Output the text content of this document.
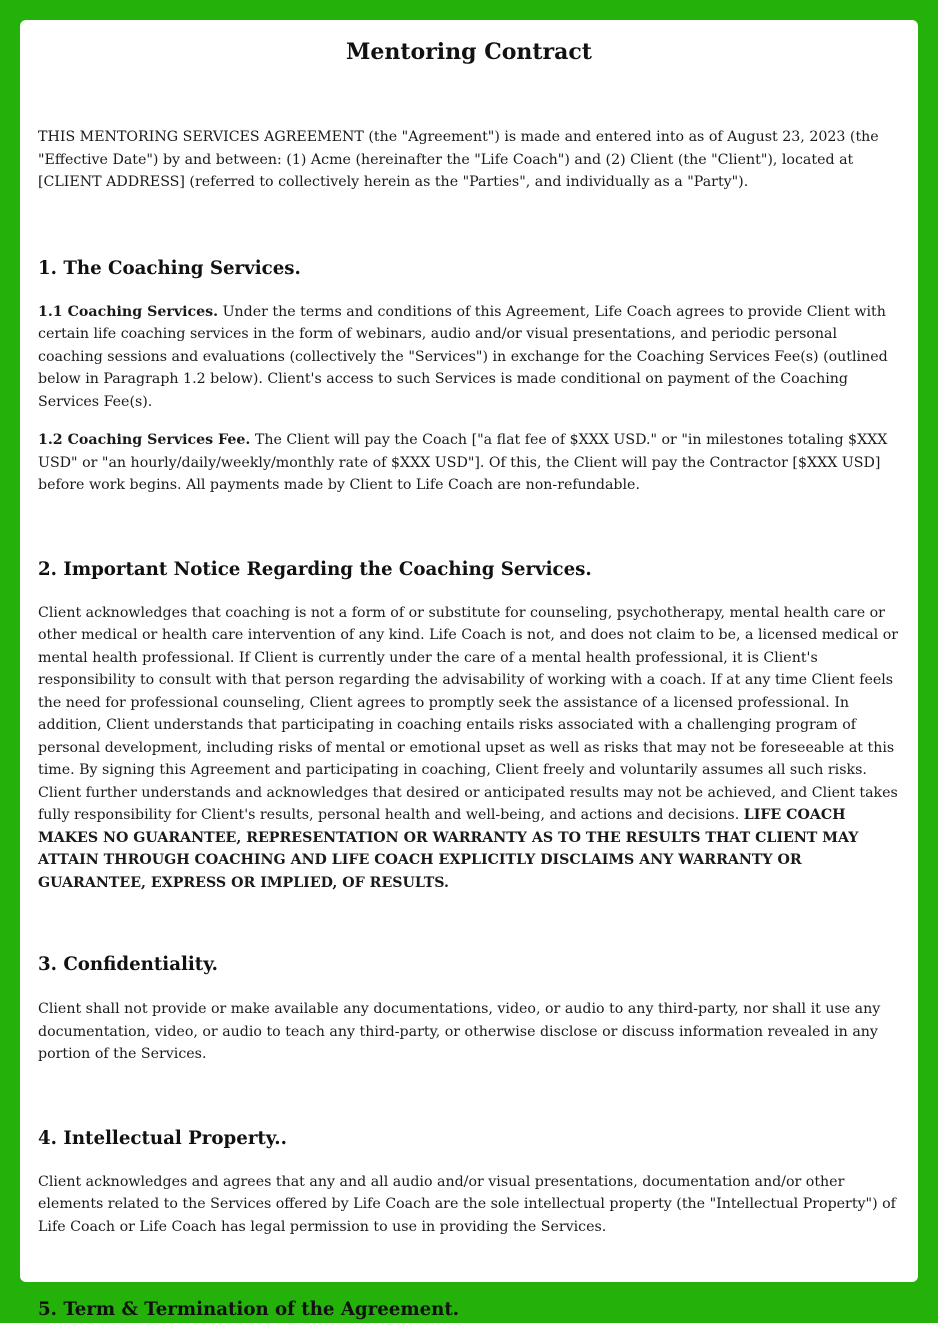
Mentoring Contract

THIS MENTORING SERVICES AGREEMENT (the "Agreement") is made and entered into as of August 23, 2023 (the "Effective Date") by and between: (1) Acme (hereinafter the "Life Coach") and (2) Client (the "Client"), located at [CLIENT ADDRESS] (referred to collectively herein as the "Parties", and individually as a "Party").

1. The Coaching Services.

1.1 Coaching Services. Under the terms and conditions of this Agreement, Life Coach agrees to provide Client with certain life coaching services in the form of webinars, audio and/or visual presentations, and periodic personal coaching sessions and evaluations (collectively the "Services") in exchange for the Coaching Services Fee(s) (outlined below in Paragraph 1.2 below). Client's access to such Services is made conditional on payment of the Coaching Services Fee(s).

1.2 Coaching Services Fee. The Client will pay the Coach ["a flat fee of $XXX USD." or "in milestones totaling $XXX USD" or "an hourly/daily/weekly/monthly rate of $XXX USD"]. Of this, the Client will pay the Contractor [$XXX USD] before work begins. All payments made by Client to Life Coach are non-refundable.

2. Important Notice Regarding the Coaching Services.

Client acknowledges that coaching is not a form of or substitute for counseling, psychotherapy, mental health care or other medical or health care intervention of any kind. Life Coach is not, and does not claim to be, a licensed medical or mental health professional. If Client is currently under the care of a mental health professional, it is Client's responsibility to consult with that person regarding the advisability of working with a coach. If at any time Client feels the need for professional counseling, Client agrees to promptly seek the assistance of a licensed professional. In addition, Client understands that participating in coaching entails risks associated with a challenging program of personal development, including risks of mental or emotional upset as well as risks that may not be foreseeable at this time. By signing this Agreement and participating in coaching, Client freely and voluntarily assumes all such risks. Client further understands and acknowledges that desired or anticipated results may not be achieved, and Client takes fully responsibility for Client's results, personal health and well-being, and actions and decisions. LIFE COACH MAKES NO GUARANTEE, REPRESENTATION OR WARRANTY AS TO THE RESULTS THAT CLIENT MAY ATTAIN THROUGH COACHING AND LIFE COACH EXPLICITLY DISCLAIMS ANY WARRANTY OR GUARANTEE, EXPRESS OR IMPLIED, OF RESULTS.

3. Confidentiality.

Client shall not provide or make available any documentations, video, or audio to any third-party, nor shall it use any documentation, video, or audio to teach any third-party, or otherwise disclose or discuss information revealed in any portion of the Services.

4. Intellectual Property..

Client acknowledges and agrees that any and all audio and/or visual presentations, documentation and/or other elements related to the Services offered by Life Coach are the sole intellectual property (the "Intellectual Property") of Life Coach or Life Coach has legal permission to use in providing the Services.

5. Term & Termination of the Agreement.
